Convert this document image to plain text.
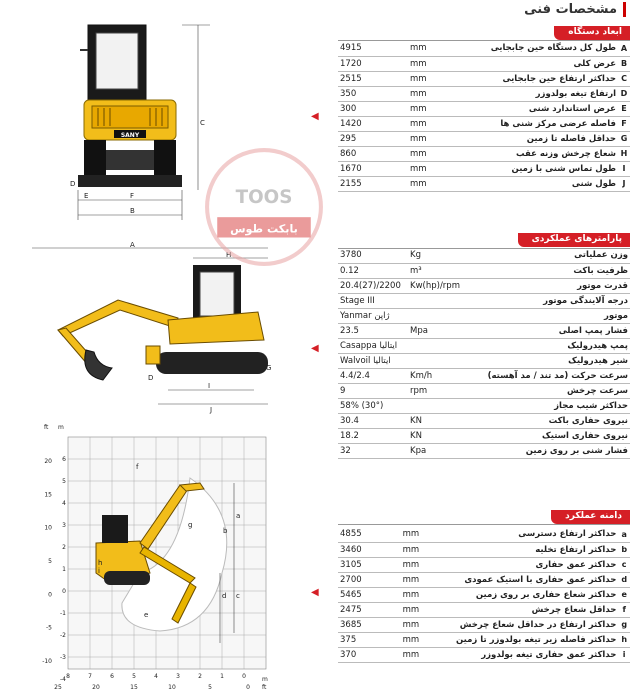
مشخصات فنی
SANY
C
F
B
E
D
A
H
I
J
D
G
ft m
a
b
c
d
e
f
g
h
i
6
5
4
3
2
1
0
-1
-2
-3
-4
20
15
10
5
0
-5
-10
25	20	15	10	5	0
8	7	6	5	4	3	2	1	0	m
ft
TOOS
بابکت طوس
ابعاد دستگاه
4915	mm	طول کل دستگاه حین جابجایی	A
1720	mm	عرض کلی	B
2515	mm	حداکثر ارتفاع حین جابجایی	C
350	mm	ارتفاع تیغه بولدوزر	D
300	mm	عرض استاندارد شنی	E
1420	mm	فاصله عرضی مرکز شنی ها	F
295	mm	حداقل فاصله تا زمین	G
860	mm	شعاع چرخش وزنه عقب	H
1670	mm	طول تماس شنی با زمین	I
2155	mm	طول شنی	J
◀
پارامترهای عملکردی
3780	Kg	وزن عملیاتی
0.12	m³	ظرفیت باکت
20.4(27)/2200	Kw(hp)/rpm	قدرت موتور
Stage III		درجه آلایندگی موتور
Yanmar ژاپن		موتور
23.5	Mpa	فشار پمپ اصلی
Casappa ایتالیا		پمپ هیدرولیک
Walvoil ایتالیا		شیر هیدرولیک
4.4/2.4	Km/h	سرعت حرکت (مد تند / مد آهسته)
9	rpm	سرعت چرخش
58% (30°)		حداکثر شیب مجاز
30.4	KN	نیروی حفاری باکت
18.2	KN	نیروی حفاری استیک
32	Kpa	فشار شنی بر روی زمین
◀
دامنه عملکرد
4855	mm	حداکثر ارتفاع دسترسی	a
3460	mm	حداکثر ارتفاع تخلیه	b
3105	mm	حداکثر عمق حفاری	c
2700	mm	حداکثر عمق حفاری با استیک عمودی	d
5465	mm	حداکثر شعاع حفاری بر روی زمین	e
2475	mm	حداقل شعاع چرخش	f
3685	mm	حداکثر ارتفاع در حداقل شعاع چرخش	g
375	mm	حداکثر فاصله زیر تیغه بولدوزر تا زمین	h
370	mm	حداکثر عمق حفاری تیغه بولدوزر	i
◀
